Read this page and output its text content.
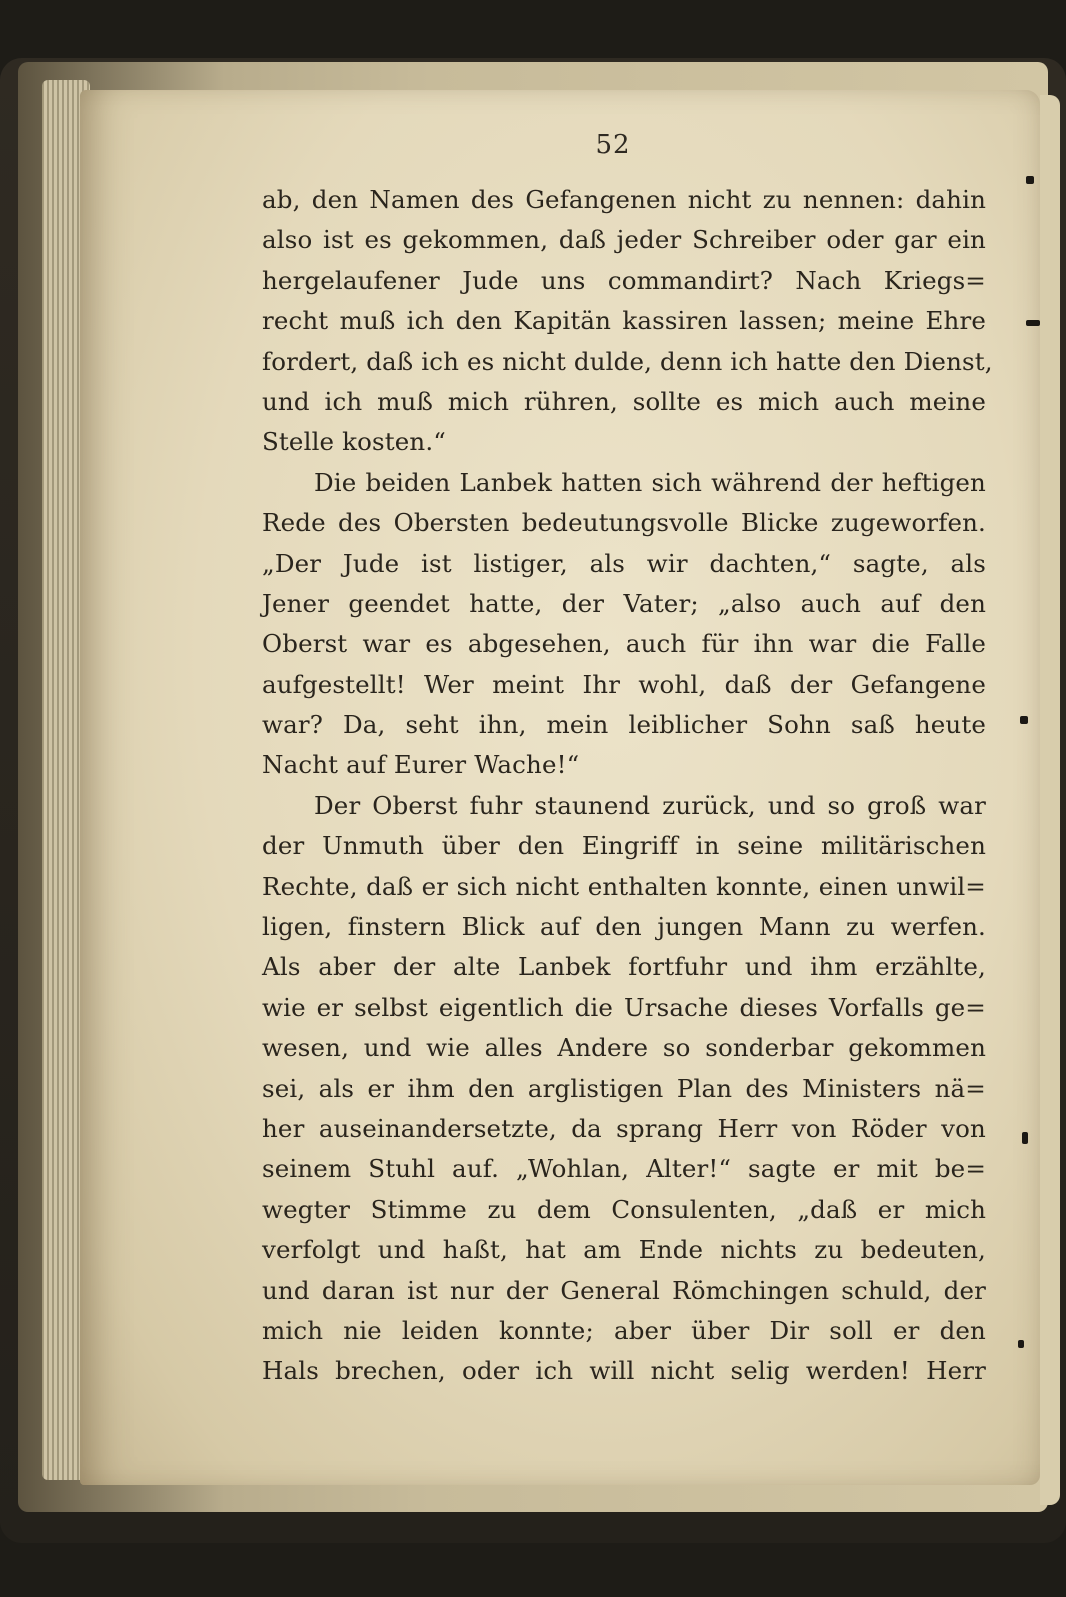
52
ab, den Namen des Gefangenen nicht zu nennen: dahin
also ist es gekommen, daß jeder Schreiber oder gar ein
hergelaufener Jude uns commandirt? Nach Kriegs=
recht muß ich den Kapitän kassiren lassen; meine Ehre
fordert, daß ich es nicht dulde, denn ich hatte den Dienst,
und ich muß mich rühren, sollte es mich auch meine
Stelle kosten.“
Die beiden Lanbek hatten sich während der heftigen
Rede des Obersten bedeutungsvolle Blicke zugeworfen.
„Der Jude ist listiger, als wir dachten,“ sagte, als
Jener geendet hatte, der Vater; „also auch auf den
Oberst war es abgesehen, auch für ihn war die Falle
aufgestellt! Wer meint Ihr wohl, daß der Gefangene
war? Da, seht ihn, mein leiblicher Sohn saß heute
Nacht auf Eurer Wache!“
Der Oberst fuhr staunend zurück, und so groß war
der Unmuth über den Eingriff in seine militärischen
Rechte, daß er sich nicht enthalten konnte, einen unwil=
ligen, finstern Blick auf den jungen Mann zu werfen.
Als aber der alte Lanbek fortfuhr und ihm erzählte,
wie er selbst eigentlich die Ursache dieses Vorfalls ge=
wesen, und wie alles Andere so sonderbar gekommen
sei, als er ihm den arglistigen Plan des Ministers nä=
her auseinandersetzte, da sprang Herr von Röder von
seinem Stuhl auf. „Wohlan, Alter!“ sagte er mit be=
wegter Stimme zu dem Consulenten, „daß er mich
verfolgt und haßt, hat am Ende nichts zu bedeuten,
und daran ist nur der General Römchingen schuld, der
mich nie leiden konnte; aber über Dir soll er den
Hals brechen, oder ich will nicht selig werden! Herr
